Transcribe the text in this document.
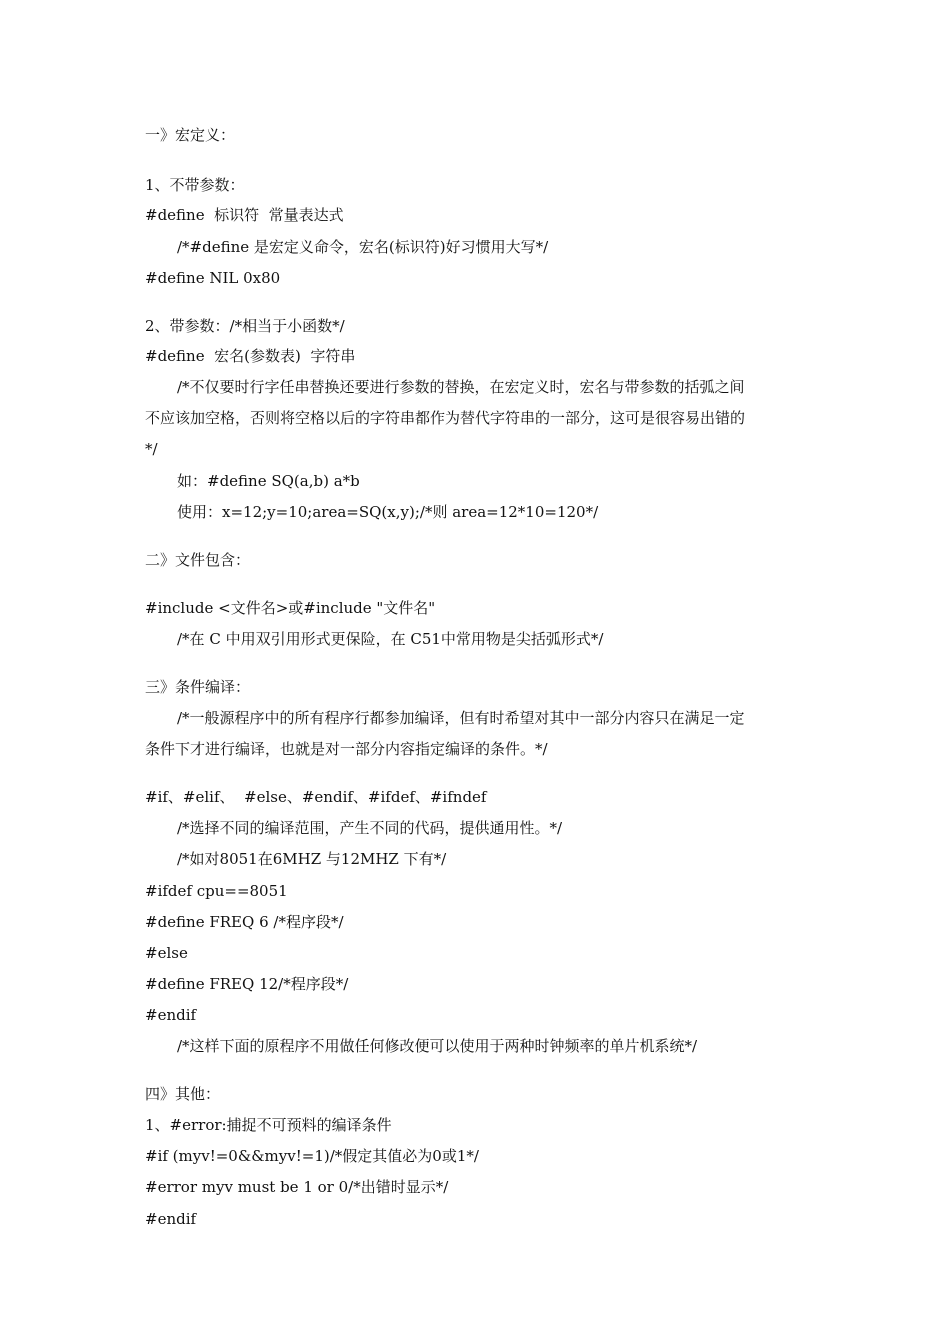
一》宏定义：
1、不带参数：
#define  标识符  常量表达式
/*#define 是宏定义命令，宏名(标识符)好习惯用大写*/
#define NIL 0x80
2、带参数：/*相当于小函数*/
#define  宏名(参数表)  字符串
/*不仅要时行字任串替换还要进行参数的替换，在宏定义时，宏名与带参数的括弧之间
不应该加空格，否则将空格以后的字符串都作为替代字符串的一部分，这可是很容易出错的
*/
如：#define SQ(a,b) a*b
使用：x=12;y=10;area=SQ(x,y);/*则 area=12*10=120*/
二》文件包含：
#include <文件名>或#include "文件名"
/*在 C 中用双引用形式更保险，在 C51中常用物是尖括弧形式*/
三》条件编译：
/*一般源程序中的所有程序行都参加编译，但有时希望对其中一部分内容只在满足一定
条件下才进行编译，也就是对一部分内容指定编译的条件。*/
#if、#elif、  #else、#endif、#ifdef、#ifndef
/*选择不同的编译范围，产生不同的代码，提供通用性。*/
/*如对8051在6MHZ 与12MHZ 下有*/
#ifdef cpu==8051
#define FREQ 6 /*程序段*/
#else
#define FREQ 12/*程序段*/
#endif
/*这样下面的原程序不用做任何修改便可以使用于两种时钟频率的单片机系统*/
四》其他：
1、#error:捕捉不可预料的编译条件
#if (myv!=0&&myv!=1)/*假定其值必为0或1*/
#error myv must be 1 or 0/*出错时显示*/
#endif
